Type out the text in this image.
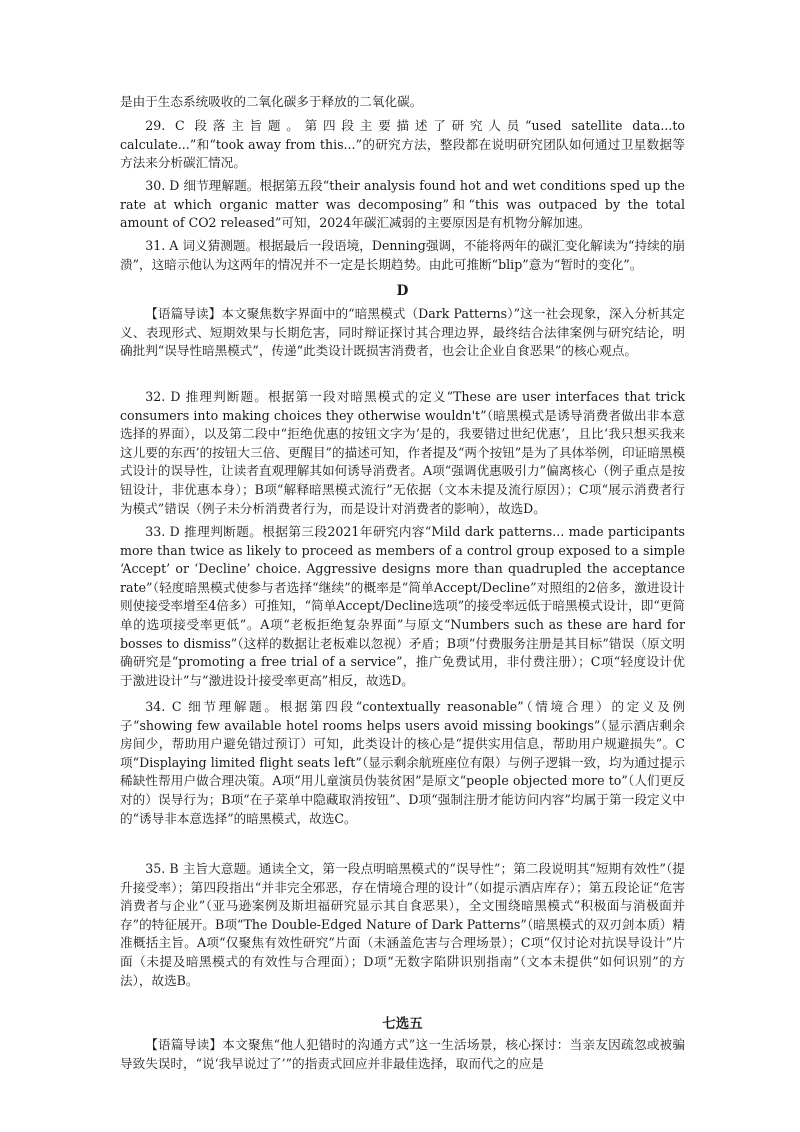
是由于生态系统吸收的二氧化碳多于释放的二氧化碳。

29. C 段落主旨题。第四段主要描述了研究人员“used satellite data...to calculate...”和“took away from this...”的研究方法，整段都在说明研究团队如何通过卫星数据等方法来分析碳汇情况。

30. D 细节理解题。根据第五段“their analysis found hot and wet conditions sped up the rate at which organic matter was decomposing”和“this was outpaced by the total amount of CO2 released”可知，2024年碳汇减弱的主要原因是有机物分解加速。

31. A 词义猜测题。根据最后一段语境，Denning强调，不能将两年的碳汇变化解读为“持续的崩溃”，这暗示他认为这两年的情况并不一定是长期趋势。由此可推断“blip”意为“暂时的变化”。

D

【语篇导读】本文聚焦数字界面中的“暗黑模式（Dark Patterns）”这一社会现象，深入分析其定义、表现形式、短期效果与长期危害，同时辩证探讨其合理边界，最终结合法律案例与研究结论，明确批判“误导性暗黑模式”，传递“此类设计既损害消费者，也会让企业自食恶果”的核心观点。

32. D 推理判断题。根据第一段对暗黑模式的定义“These are user interfaces that trick consumers into making choices they otherwise wouldn't”（暗黑模式是诱导消费者做出非本意选择的界面），以及第二段中“拒绝优惠的按钮文字为‘是的，我要错过世纪优惠’，且比‘我只想买我来这儿要的东西’的按钮大三倍、更醒目”的描述可知，作者提及“两个按钮”是为了具体举例，印证暗黑模式设计的误导性，让读者直观理解其如何诱导消费者。A项“强调优惠吸引力”偏离核心（例子重点是按钮设计，非优惠本身）；B项“解释暗黑模式流行”无依据（文本未提及流行原因）；C项“展示消费者行为模式”错误（例子未分析消费者行为，而是设计对消费者的影响），故选D。

33. D 推理判断题。根据第三段2021年研究内容“Mild dark patterns... made participants more than twice as likely to proceed as members of a control group exposed to a simple ‘Accept’ or ‘Decline’ choice. Aggressive designs more than quadrupled the acceptance rate”（轻度暗黑模式使参与者选择“继续”的概率是“简单Accept/Decline”对照组的2倍多，激进设计则使接受率增至4倍多）可推知，“简单Accept/Decline选项”的接受率远低于暗黑模式设计，即“更简单的选项接受率更低”。A项“老板拒绝复杂界面”与原文“Numbers such as these are hard for bosses to dismiss”（这样的数据让老板难以忽视）矛盾；B项“付费服务注册是其目标”错误（原文明确研究是“promoting a free trial of a service”，推广免费试用，非付费注册）；C项“轻度设计优于激进设计”与“激进设计接受率更高”相反，故选D。

34. C 细节理解题。根据第四段“contextually reasonable”（情境合理）的定义及例子“showing few available hotel rooms helps users avoid missing bookings”（显示酒店剩余房间少，帮助用户避免错过预订）可知，此类设计的核心是“提供实用信息，帮助用户规避损失”。C项“Displaying limited flight seats left”（显示剩余航班座位有限）与例子逻辑一致，均为通过提示稀缺性帮用户做合理决策。A项“用儿童演员伪装贫困”是原文“people objected more to”（人们更反对的）误导行为；B项“在子菜单中隐藏取消按钮”、D项“强制注册才能访问内容”均属于第一段定义中的“诱导非本意选择”的暗黑模式，故选C。

35. B 主旨大意题。通读全文，第一段点明暗黑模式的“误导性”；第二段说明其“短期有效性”（提升接受率）；第四段指出“并非完全邪恶，存在情境合理的设计”（如提示酒店库存）；第五段论证“危害消费者与企业”（亚马逊案例及斯坦福研究显示其自食恶果），全文围绕暗黑模式“积极面与消极面并存”的特征展开。B项“The Double-Edged Nature of Dark Patterns”（暗黑模式的双刃剑本质）精准概括主旨。A项“仅聚焦有效性研究”片面（未涵盖危害与合理场景）；C项“仅讨论对抗误导设计”片面（未提及暗黑模式的有效性与合理面）；D项“无数字陷阱识别指南”（文本未提供“如何识别”的方法），故选B。

七选五

【语篇导读】本文聚焦“他人犯错时的沟通方式”这一生活场景，核心探讨：当亲友因疏忽或被骗导致失误时，“说‘我早说过了’”的指责式回应并非最佳选择，取而代之的应是
